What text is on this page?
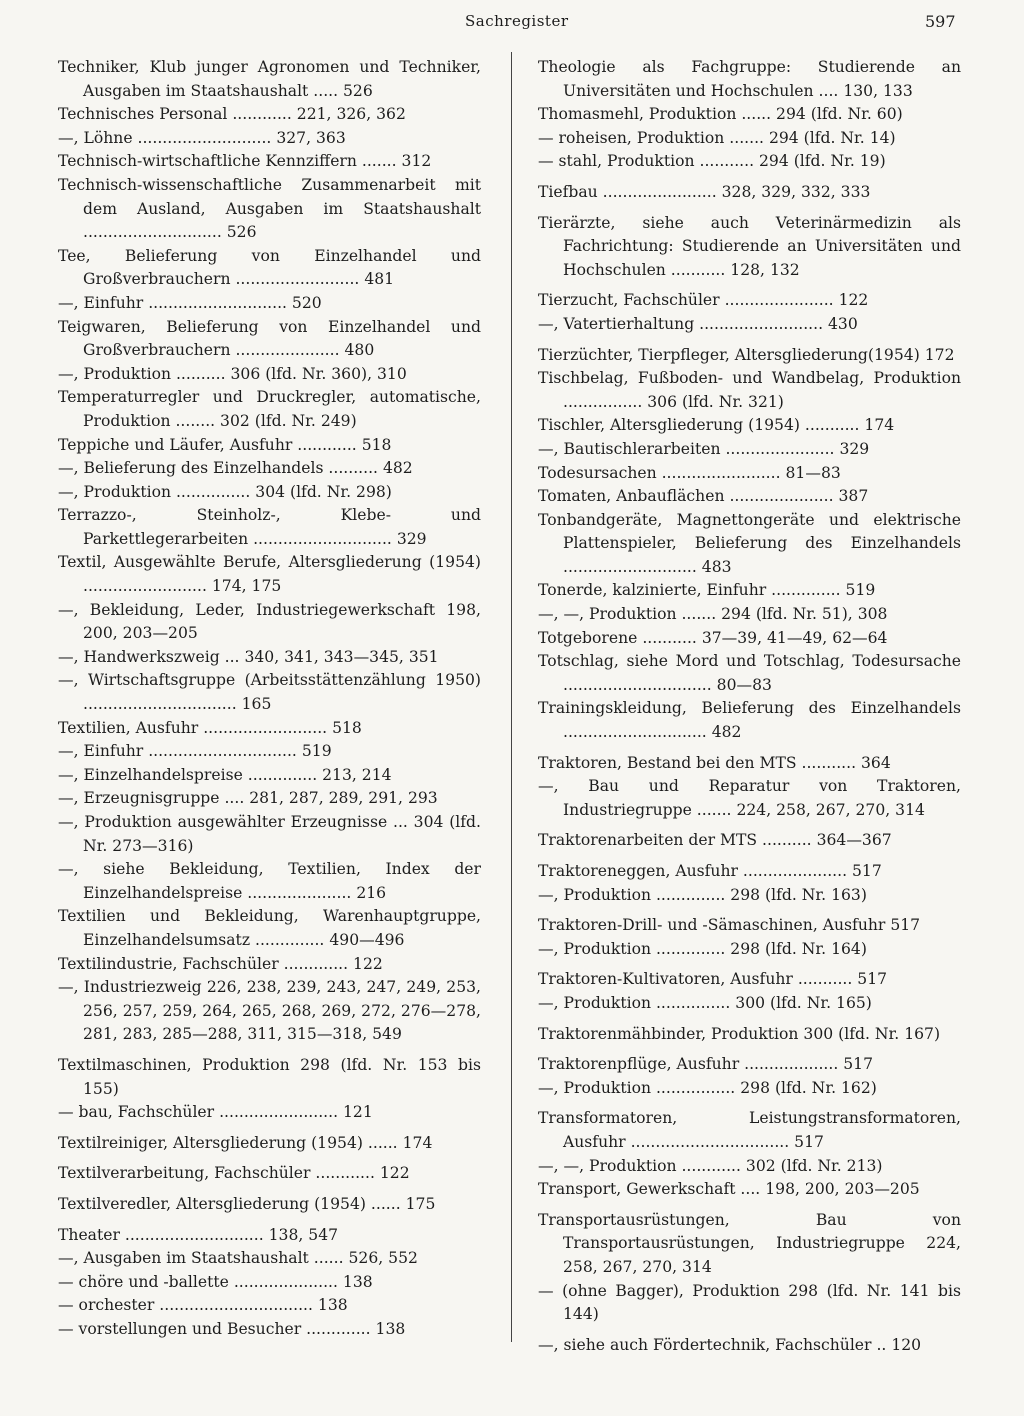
Sachregister	597

Techniker, Klub junger Agronomen und Techniker, Ausgaben im Staatshaushalt ..... 526

Technisches Personal ............ 221, 326, 362

—, Löhne ........................... 327, 363

Technisch-wirtschaftliche Kennziffern ....... 312

Technisch-wissenschaftliche Zusammenarbeit mit dem Ausland, Ausgaben im Staatshaushalt ............................ 526

Tee, Belieferung von Einzelhandel und Großverbrauchern ......................... 481

—, Einfuhr ............................ 520

Teigwaren, Belieferung von Einzelhandel und Großverbrauchern ..................... 480

—, Produktion .......... 306 (lfd. Nr. 360), 310

Temperaturregler und Druckregler, automatische, Produktion ........ 302 (lfd. Nr. 249)

Teppiche und Läufer, Ausfuhr ............ 518

—, Belieferung des Einzelhandels .......... 482

—, Produktion ............... 304 (lfd. Nr. 298)

Terrazzo-, Steinholz-, Klebe- und Parkettlegerarbeiten ............................ 329

Textil, Ausgewählte Berufe, Altersgliederung (1954) ......................... 174, 175

—, Bekleidung, Leder, Industriegewerkschaft 198, 200, 203—205

—, Handwerkszweig ... 340, 341, 343—345, 351

—, Wirtschaftsgruppe (Arbeitsstättenzählung 1950) ............................... 165

Textilien, Ausfuhr ......................... 518

—, Einfuhr .............................. 519

—, Einzelhandelspreise .............. 213, 214

—, Erzeugnisgruppe .... 281, 287, 289, 291, 293

—, Produktion ausgewählter Erzeugnisse ... 304 (lfd. Nr. 273—316)

—, siehe Bekleidung, Textilien, Index der Einzelhandelspreise ..................... 216

Textilien und Bekleidung, Warenhauptgruppe, Einzelhandelsumsatz .............. 490—496

Textilindustrie, Fachschüler ............. 122

—, Industriezweig 226, 238, 239, 243, 247, 249, 253, 256, 257, 259, 264, 265, 268, 269, 272, 276—278, 281, 283, 285—288, 311, 315—318, 549

Textilmaschinen, Produktion 298 (lfd. Nr. 153 bis 155)

— bau, Fachschüler ........................ 121

Textilreiniger, Altersgliederung (1954) ...... 174

Textilverarbeitung, Fachschüler ............ 122

Textilveredler, Altersgliederung (1954) ...... 175

Theater ............................ 138, 547

—, Ausgaben im Staatshaushalt ...... 526, 552

— chöre und -ballette ..................... 138

— orchester ............................... 138

— vorstellungen und Besucher ............. 138

Theologie als Fachgruppe: Studierende an Universitäten und Hochschulen .... 130, 133

Thomasmehl, Produktion ...... 294 (lfd. Nr. 60)

— roheisen, Produktion ....... 294 (lfd. Nr. 14)

— stahl, Produktion ........... 294 (lfd. Nr. 19)

Tiefbau ....................... 328, 329, 332, 333

Tierärzte, siehe auch Veterinärmedizin als Fachrichtung: Studierende an Universitäten und Hochschulen ........... 128, 132

Tierzucht, Fachschüler ...................... 122

—, Vatertierhaltung ......................... 430

Tierzüchter, Tierpfleger, Altersgliederung(1954) 172

Tischbelag, Fußboden- und Wandbelag, Produktion ................ 306 (lfd. Nr. 321)

Tischler, Altersgliederung (1954) ........... 174

—, Bautischlerarbeiten ...................... 329

Todesursachen ........................ 81—83

Tomaten, Anbauflächen ..................... 387

Tonbandgeräte, Magnettongeräte und elektrische Plattenspieler, Belieferung des Einzelhandels ........................... 483

Tonerde, kalzinierte, Einfuhr .............. 519

—, —, Produktion ....... 294 (lfd. Nr. 51), 308

Totgeborene ........... 37—39, 41—49, 62—64

Totschlag, siehe Mord und Totschlag, Todesursache .............................. 80—83

Trainingskleidung, Belieferung des Einzelhandels ............................. 482

Traktoren, Bestand bei den MTS ........... 364

—, Bau und Reparatur von Traktoren, Industriegruppe ....... 224, 258, 267, 270, 314

Traktorenarbeiten der MTS .......... 364—367

Traktoreneggen, Ausfuhr ..................... 517

—, Produktion .............. 298 (lfd. Nr. 163)

Traktoren-Drill- und -Sämaschinen, Ausfuhr 517

—, Produktion .............. 298 (lfd. Nr. 164)

Traktoren-Kultivatoren, Ausfuhr ........... 517

—, Produktion ............... 300 (lfd. Nr. 165)

Traktorenmähbinder, Produktion 300 (lfd. Nr. 167)

Traktorenpflüge, Ausfuhr ................... 517

—, Produktion ................ 298 (lfd. Nr. 162)

Transformatoren, Leistungstransformatoren, Ausfuhr ................................ 517

—, —, Produktion ............ 302 (lfd. Nr. 213)

Transport, Gewerkschaft .... 198, 200, 203—205

Transportausrüstungen, Bau von Transportausrüstungen, Industriegruppe 224, 258, 267, 270, 314

— (ohne Bagger), Produktion 298 (lfd. Nr. 141 bis 144)

—, siehe auch Fördertechnik, Fachschüler .. 120
